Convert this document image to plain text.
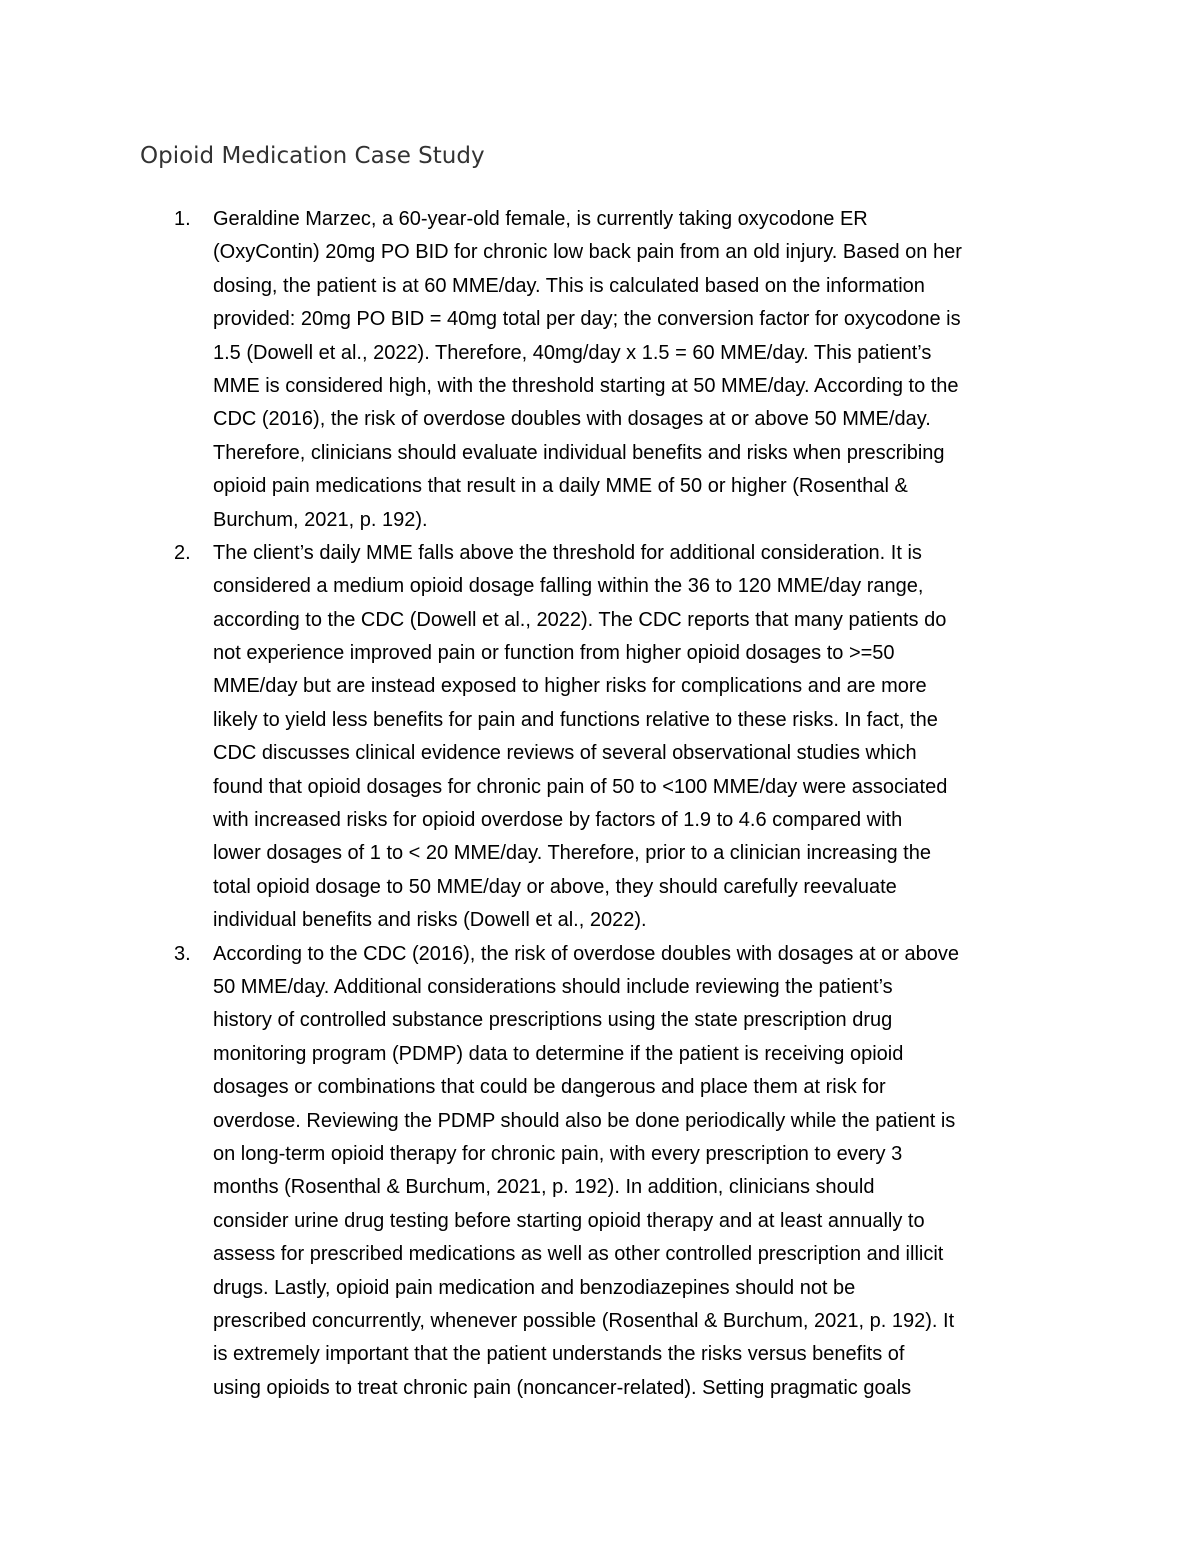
Opioid Medication Case Study
1. Geraldine Marzec, a 60-year-old female, is currently taking oxycodone ER
(OxyContin) 20mg PO BID for chronic low back pain from an old injury. Based on her
dosing, the patient is at 60 MME/day. This is calculated based on the information
provided: 20mg PO BID = 40mg total per day; the conversion factor for oxycodone is
1.5 (Dowell et al., 2022). Therefore, 40mg/day x 1.5 = 60 MME/day. This patient’s
MME is considered high, with the threshold starting at 50 MME/day. According to the
CDC (2016), the risk of overdose doubles with dosages at or above 50 MME/day.
Therefore, clinicians should evaluate individual benefits and risks when prescribing
opioid pain medications that result in a daily MME of 50 or higher (Rosenthal &
Burchum, 2021, p. 192).
2. The client’s daily MME falls above the threshold for additional consideration. It is
considered a medium opioid dosage falling within the 36 to 120 MME/day range,
according to the CDC (Dowell et al., 2022). The CDC reports that many patients do
not experience improved pain or function from higher opioid dosages to >=50
MME/day but are instead exposed to higher risks for complications and are more
likely to yield less benefits for pain and functions relative to these risks. In fact, the
CDC discusses clinical evidence reviews of several observational studies which
found that opioid dosages for chronic pain of 50 to <100 MME/day were associated
with increased risks for opioid overdose by factors of 1.9 to 4.6 compared with
lower dosages of 1 to < 20 MME/day. Therefore, prior to a clinician increasing the
total opioid dosage to 50 MME/day or above, they should carefully reevaluate
individual benefits and risks (Dowell et al., 2022).
3. According to the CDC (2016), the risk of overdose doubles with dosages at or above
50 MME/day. Additional considerations should include reviewing the patient’s
history of controlled substance prescriptions using the state prescription drug
monitoring program (PDMP) data to determine if the patient is receiving opioid
dosages or combinations that could be dangerous and place them at risk for
overdose. Reviewing the PDMP should also be done periodically while the patient is
on long-term opioid therapy for chronic pain, with every prescription to every 3
months (Rosenthal & Burchum, 2021, p. 192). In addition, clinicians should
consider urine drug testing before starting opioid therapy and at least annually to
assess for prescribed medications as well as other controlled prescription and illicit
drugs. Lastly, opioid pain medication and benzodiazepines should not be
prescribed concurrently, whenever possible (Rosenthal & Burchum, 2021, p. 192). It
is extremely important that the patient understands the risks versus benefits of
using opioids to treat chronic pain (noncancer-related). Setting pragmatic goals
